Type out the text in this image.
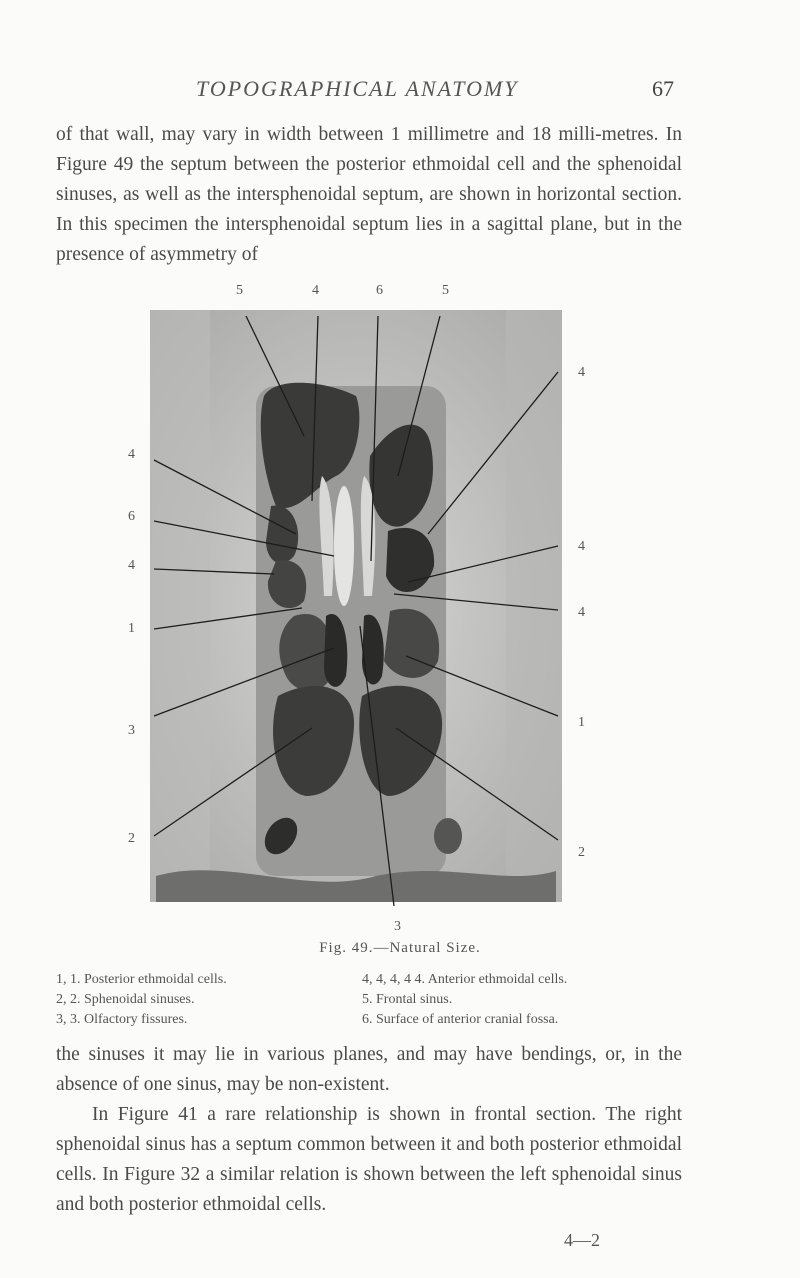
TOPOGRAPHICAL ANATOMY	67

of that wall, may vary in width between 1 millimetre and 18 milli-metres. In Figure 49 the septum between the posterior ethmoidal cell and the sphenoidal sinuses, as well as the intersphenoidal septum, are shown in horizontal section. In this specimen the intersphenoidal septum lies in a sagittal plane, but in the presence of asymmetry of

5	4	6	5
4
6
4
1
3
2
4
4
4
1
2
3
Fig. 49.—Natural Size.
1, 1. Posterior ethmoidal cells.
2, 2. Sphenoidal sinuses.
3, 3. Olfactory fissures.
4, 4, 4, 4 4. Anterior ethmoidal cells.
5. Frontal sinus.
6. Surface of anterior cranial fossa.

the sinuses it may lie in various planes, and may have bendings, or, in the absence of one sinus, may be non-existent.

In Figure 41 a rare relationship is shown in frontal section. The right sphenoidal sinus has a septum common between it and both posterior ethmoidal cells. In Figure 32 a similar relation is shown between the left sphenoidal sinus and both posterior ethmoidal cells.

4—2
